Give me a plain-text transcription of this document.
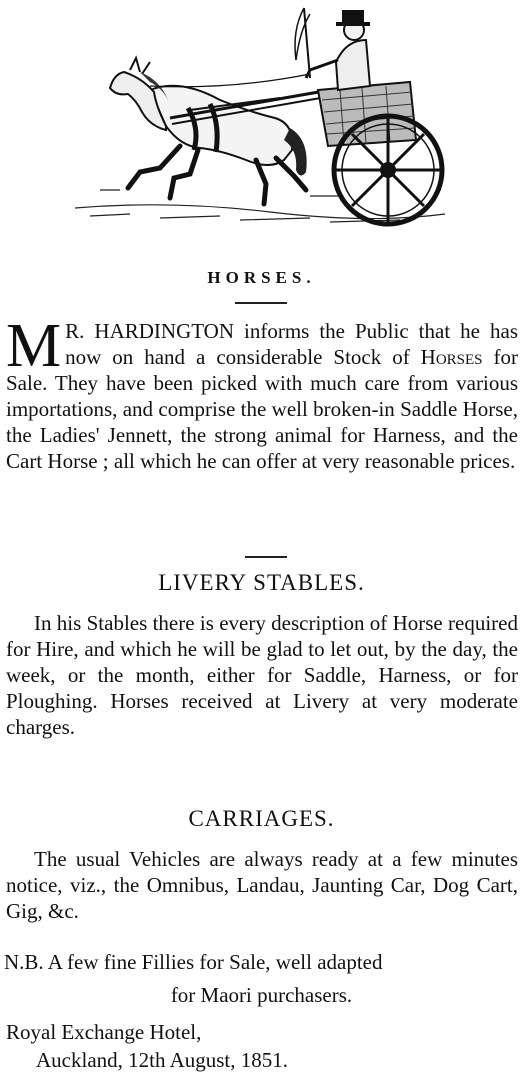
HORSES.
M R. HARDINGTON informs the Public that he has now on hand a considerable Stock of Horses for Sale. They have been picked with much care from various importations, and comprise the well broken-in Saddle Horse, the Ladies' Jennett, the strong animal for Harness, and the Cart Horse ; all which he can offer at very reasonable prices.
LIVERY STABLES.
In his Stables there is every description of Horse required for Hire, and which he will be glad to let out, by the day, the week, or the month, either for Saddle, Harness, or for Ploughing. Horses received at Livery at very moderate charges.
CARRIAGES.
The usual Vehicles are always ready at a few minutes notice, viz., the Omnibus, Landau, Jaunting Car, Dog Cart, Gig, &c.
N.B. A few fine Fillies for Sale, well adapted
for Maori purchasers.
Royal Exchange Hotel,
Auckland, 12th August, 1851.
